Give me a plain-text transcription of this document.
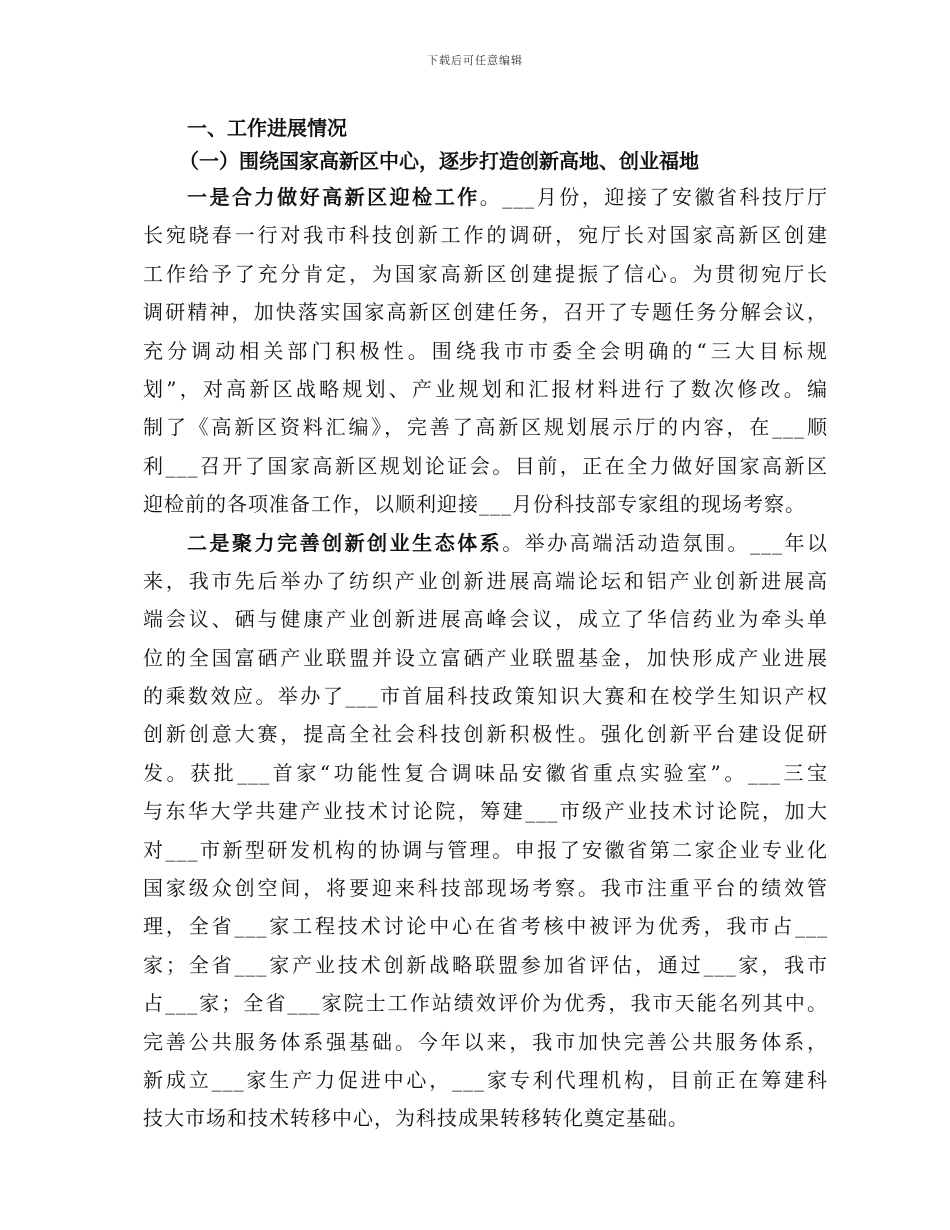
下载后可任意编辑

一、工作进展情况

（一）围绕国家高新区中心，逐步打造创新高地、创业福地

一是合力做好高新区迎检工作。___月份，迎接了安徽省科技厅厅
长宛晓春一行对我市科技创新工作的调研，宛厅长对国家高新区创建
工作给予了充分肯定，为国家高新区创建提振了信心。为贯彻宛厅长
调研精神，加快落实国家高新区创建任务，召开了专题任务分解会议，
充分调动相关部门积极性。围绕我市市委全会明确的“三大目标规
划”，对高新区战略规划、产业规划和汇报材料进行了数次修改。编
制了《高新区资料汇编》，完善了高新区规划展示厅的内容，在___顺
利___召开了国家高新区规划论证会。目前，正在全力做好国家高新区
迎检前的各项准备工作，以顺利迎接___月份科技部专家组的现场考察。
二是聚力完善创新创业生态体系。举办高端活动造氛围。___年以
来，我市先后举办了纺织产业创新进展高端论坛和铝产业创新进展高
端会议、硒与健康产业创新进展高峰会议，成立了华信药业为牵头单
位的全国富硒产业联盟并设立富硒产业联盟基金，加快形成产业进展
的乘数效应。举办了___市首届科技政策知识大赛和在校学生知识产权
创新创意大赛，提高全社会科技创新积极性。强化创新平台建设促研
发。获批___首家“功能性复合调味品安徽省重点实验室”。___三宝
与东华大学共建产业技术讨论院，筹建___市级产业技术讨论院，加大
对___市新型研发机构的协调与管理。申报了安徽省第二家企业专业化
国家级众创空间，将要迎来科技部现场考察。我市注重平台的绩效管
理，全省___家工程技术讨论中心在省考核中被评为优秀，我市占___
家；全省___家产业技术创新战略联盟参加省评估，通过___家，我市
占___家；全省___家院士工作站绩效评价为优秀，我市天能名列其中。
完善公共服务体系强基础。今年以来，我市加快完善公共服务体系，
新成立___家生产力促进中心，___家专利代理机构，目前正在筹建科
技大市场和技术转移中心，为科技成果转移转化奠定基础。
